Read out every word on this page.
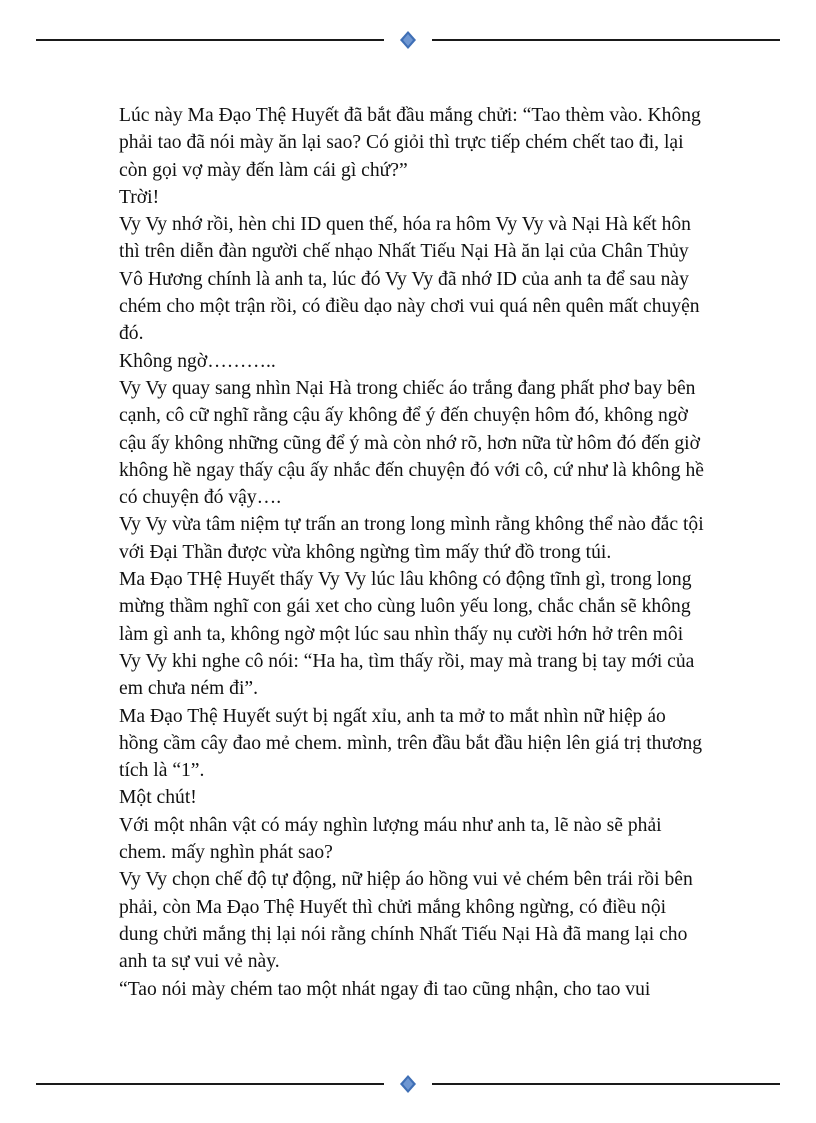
Lúc này Ma Đạo Thệ Huyết đã bắt đầu mắng chửi: “Tao thèm vào. Không phải tao đã nói mày ăn lại sao? Có giỏi thì trực tiếp chém chết tao đi, lại còn gọi vợ mày đến làm cái gì chứ?”

Trời!

Vy Vy nhớ rồi, hèn chi ID quen thế, hóa ra hôm Vy Vy và Nại Hà kết hôn thì trên diễn đàn người chế nhạo Nhất Tiếu Nại Hà ăn lại của Chân Thủy Vô Hương chính là anh ta, lúc đó Vy Vy đã nhớ ID của anh ta để sau này chém cho một trận rồi, có điều dạo này chơi vui quá nên quên mất chuyện đó.

Không ngờ………..

Vy Vy quay sang nhìn Nại Hà trong chiếc áo trắng đang phất phơ bay bên cạnh, cô cữ nghĩ rằng cậu ấy không để ý đến chuyện hôm đó, không ngờ cậu ấy không những cũng để ý mà còn nhớ rõ, hơn nữa từ hôm đó đến giờ không hề ngay thấy cậu ấy nhắc đến chuyện đó với cô, cứ như là không hề có chuyện đó vậy….

Vy Vy vừa tâm niệm tự trấn an trong long mình rằng không thể nào đắc tội với Đại Thần được vừa không ngừng tìm mấy thứ đồ trong túi.

Ma Đạo THệ Huyết thấy Vy Vy lúc lâu không có động tĩnh gì, trong long mừng thầm nghĩ con gái xet cho cùng luôn yếu long, chắc chắn sẽ không làm gì anh ta, không ngờ một lúc sau nhìn thấy nụ cười hớn hở trên môi Vy Vy khi nghe cô nói: “Ha ha, tìm thấy rồi, may mà trang bị tay mới của em chưa ném đi”.

Ma Đạo Thệ Huyết suýt bị ngất xỉu, anh ta mở to mắt nhìn nữ hiệp áo hồng cầm cây đao mẻ chem. mình, trên đầu bắt đầu hiện lên giá trị thương tích là “1”.

Một chút!

Với một nhân vật có máy nghìn lượng máu như anh ta, lẽ nào sẽ phải chem. mấy nghìn phát sao?

Vy Vy chọn chế độ tự động, nữ hiệp áo hồng vui vẻ chém bên trái rồi bên phải, còn Ma Đạo Thệ Huyết thì chửi mắng không ngừng, có điều nội dung chửi mắng thị lại nói rằng chính Nhất Tiếu Nại Hà đã mang lại cho anh ta sự vui vẻ này.

“Tao nói mày chém tao một nhát ngay đi tao cũng nhận, cho tao vui
